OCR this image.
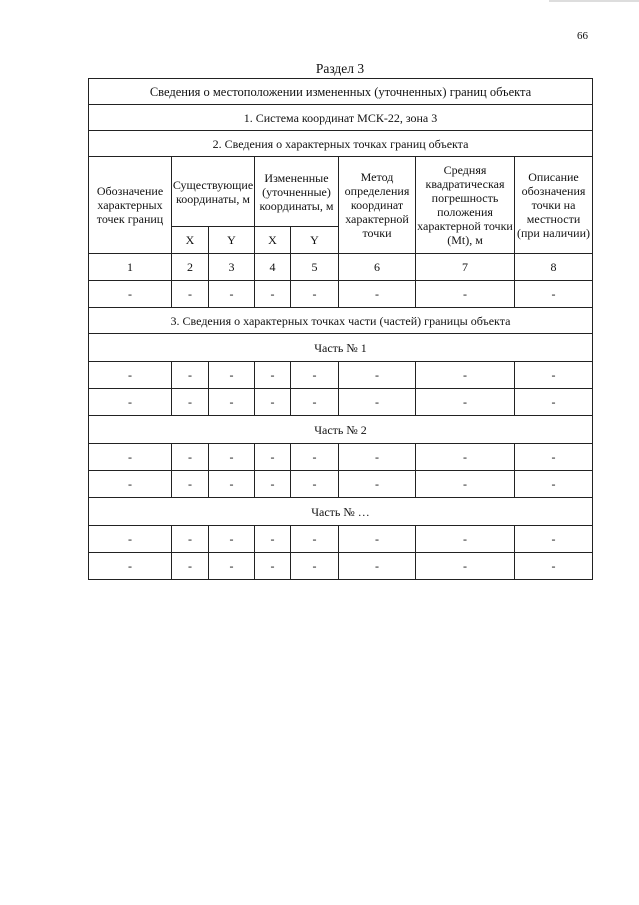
66
Раздел 3
Сведения о местоположении измененных (уточненных) границ объекта							
1. Система координат МСК-22, зона 3							
2. Сведения о характерных точках границ объекта							
Обозначение характерных точек границ	Существующие координаты, м		Измененные (уточненные) координаты, м		Метод определения координат характерной точки	Средняя квадратическая погрешность положения характерной точки (Mt), м	Описание обозначения точки на местности (при наличии)
	X	Y	X	Y			
1	2	3	4	5	6	7	8
-	-	-	-	-	-	-	-
3. Сведения о характерных точках части (частей) границы объекта							
Часть № 1							
-	-	-	-	-	-	-	-
-	-	-	-	-	-	-	-
Часть № 2							
-	-	-	-	-	-	-	-
-	-	-	-	-	-	-	-
Часть № …							
-	-	-	-	-	-	-	-
-	-	-	-	-	-	-	-
